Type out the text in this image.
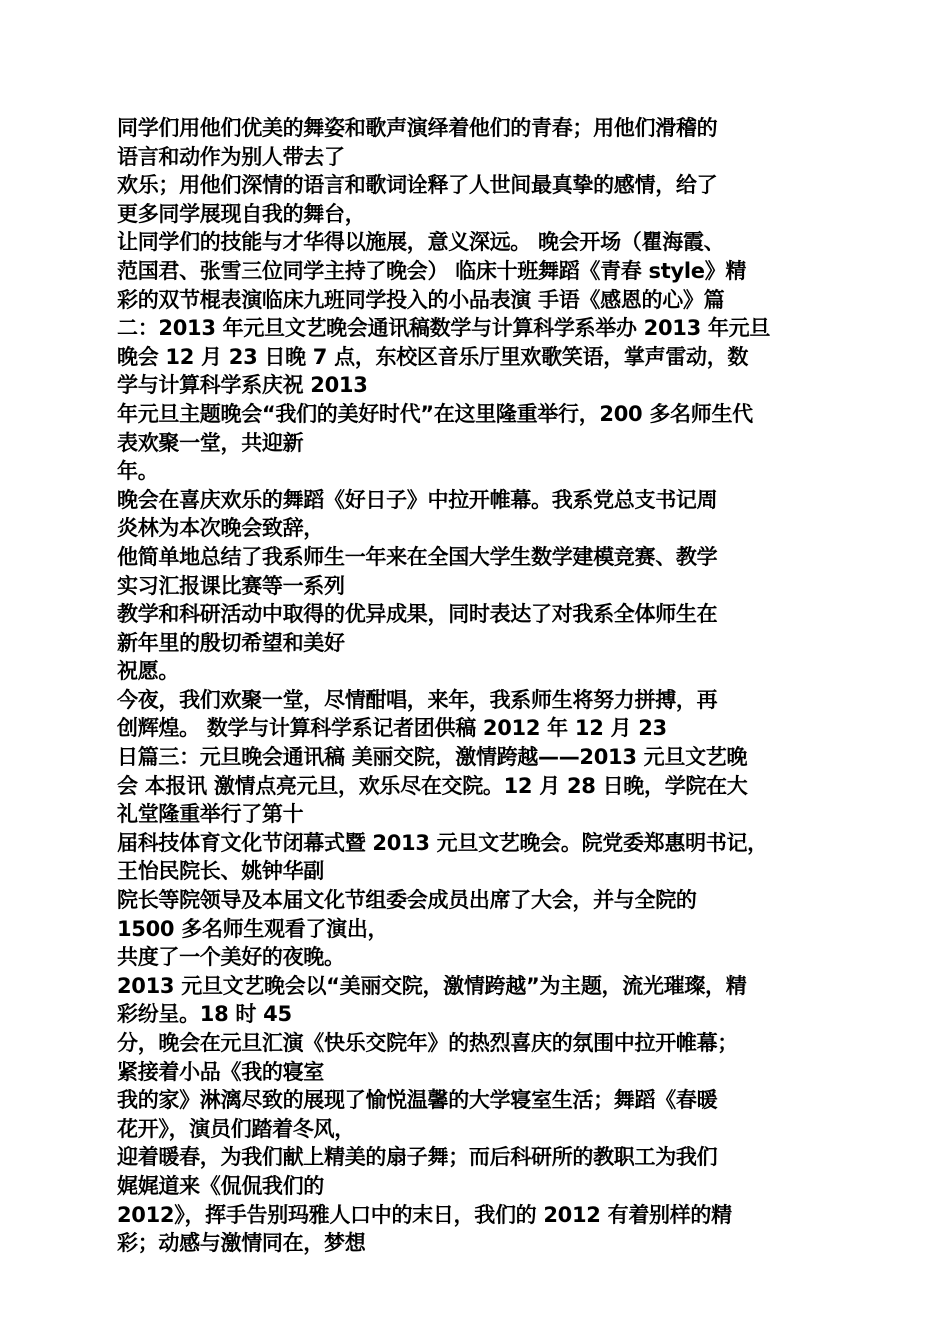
同学们用他们优美的舞姿和歌声演绎着他们的青春；用他们滑稽的
语言和动作为别人带去了
欢乐；用他们深情的语言和歌词诠释了人世间最真挚的感情，给了
更多同学展现自我的舞台，
让同学们的技能与才华得以施展，意义深远。 晚会开场（瞿海霞、
范国君、张雪三位同学主持了晚会） 临床十班舞蹈《青春 style》精
彩的双节棍表演临床九班同学投入的小品表演 手语《感恩的心》篇
二：2013 年元旦文艺晚会通讯稿数学与计算科学系举办 2013 年元旦
晚会 12 月 23 日晚 7 点，东校区音乐厅里欢歌笑语，掌声雷动，数
学与计算科学系庆祝 2013
年元旦主题晚会“我们的美好时代”在这里隆重举行，200 多名师生代
表欢聚一堂，共迎新
年。
晚会在喜庆欢乐的舞蹈《好日子》中拉开帷幕。我系党总支书记周
炎林为本次晚会致辞，
他简单地总结了我系师生一年来在全国大学生数学建模竞赛、教学
实习汇报课比赛等一系列
教学和科研活动中取得的优异成果，同时表达了对我系全体师生在
新年里的殷切希望和美好
祝愿。
今夜，我们欢聚一堂，尽情酣唱，来年，我系师生将努力拼搏，再
创辉煌。 数学与计算科学系记者团供稿 2012 年 12 月 23
日篇三：元旦晚会通讯稿 美丽交院，激情跨越——2013 元旦文艺晚
会 本报讯 激情点亮元旦，欢乐尽在交院。12 月 28 日晚，学院在大
礼堂隆重举行了第十
届科技体育文化节闭幕式暨 2013 元旦文艺晚会。院党委郑惠明书记，
王怡民院长、姚钟华副
院长等院领导及本届文化节组委会成员出席了大会，并与全院的
1500 多名师生观看了演出，
共度了一个美好的夜晚。
2013 元旦文艺晚会以“美丽交院，激情跨越”为主题，流光璀璨，精
彩纷呈。18 时 45
分，晚会在元旦汇演《快乐交院年》的热烈喜庆的氛围中拉开帷幕；
紧接着小品《我的寝室
我的家》淋漓尽致的展现了愉悦温馨的大学寝室生活；舞蹈《春暖
花开》，演员们踏着冬风，
迎着暖春，为我们献上精美的扇子舞；而后科研所的教职工为我们
娓娓道来《侃侃我们的
2012》，挥手告别玛雅人口中的末日，我们的 2012 有着别样的精
彩；动感与激情同在，梦想
